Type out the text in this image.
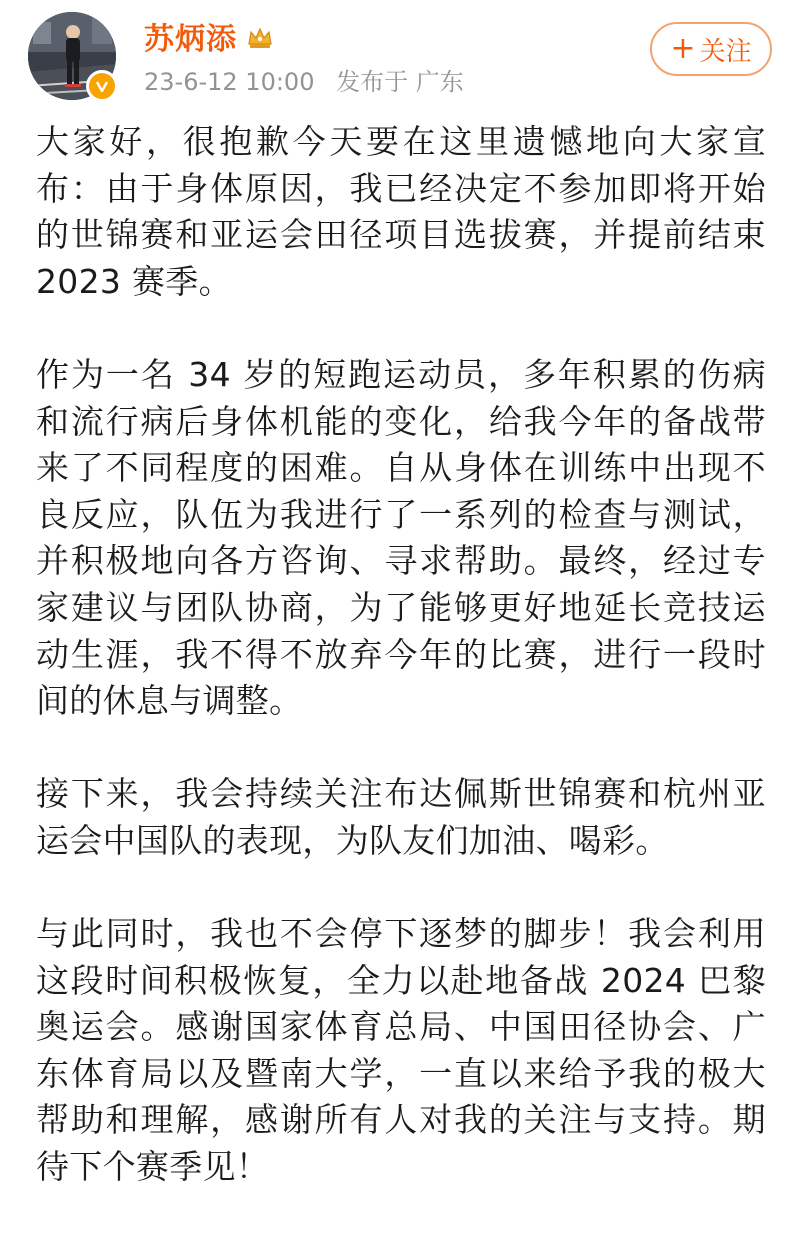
苏炳添
23-6-12 10:00 发布于 广东
+ 关注

大家好，很抱歉今天要在这里遗憾地向大家宣布：由于身体原因，我已经决定不参加即将开始的世锦赛和亚运会田径项目选拔赛，并提前结束 2023 赛季。

作为一名 34 岁的短跑运动员，多年积累的伤病和流行病后身体机能的变化，给我今年的备战带来了不同程度的困难。自从身体在训练中出现不良反应，队伍为我进行了一系列的检查与测试，并积极地向各方咨询、寻求帮助。最终，经过专家建议与团队协商，为了能够更好地延长竞技运动生涯，我不得不放弃今年的比赛，进行一段时间的休息与调整。

接下来，我会持续关注布达佩斯世锦赛和杭州亚运会中国队的表现，为队友们加油、喝彩。

与此同时，我也不会停下逐梦的脚步！我会利用这段时间积极恢复，全力以赴地备战 2024 巴黎奥运会。感谢国家体育总局、中国田径协会、广东体育局以及暨南大学，一直以来给予我的极大帮助和理解，感谢所有人对我的关注与支持。期待下个赛季见！
